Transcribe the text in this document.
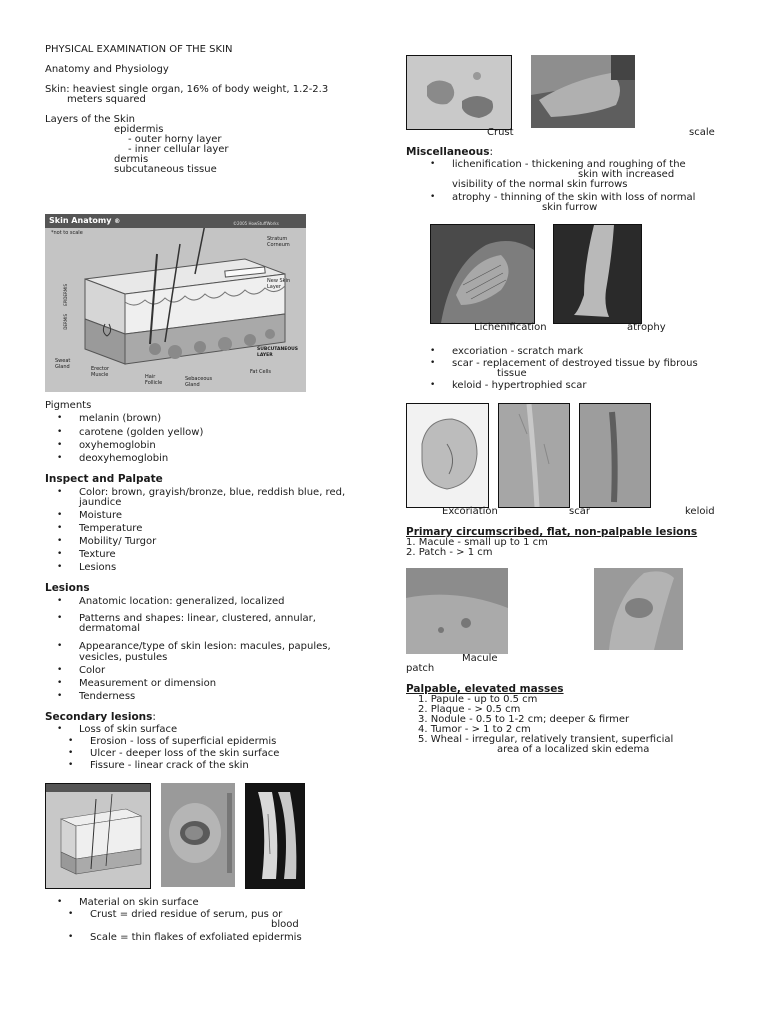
PHYSICAL EXAMINATION OF THE SKIN
Anatomy and Physiology
Skin: heaviest single organ, 16% of body weight, 1.2-2.3
meters squared
Layers of the Skin
epidermis
- outer horny layer
- inner cellular layer
dermis
subcutaneous tissue
Skin Anatomy ®
*not to scale
©2005 HowStuffWorks
Stratum Corneum
New Skin Layer
SUBCUTANEOUS LAYER
Sweat Gland	Erector Muscle	Hair Follicle
Sebaceous Gland
Fat Cells
EPIDERMIS
DERMIS
Pigments
• melanin (brown)
• carotene (golden yellow)
• oxyhemoglobin
• deoxyhemoglobin
Inspect and Palpate
• Color: brown, grayish/bronze, blue, reddish blue, red,
jaundice
• Moisture
• Temperature
• Mobility/ Turgor
• Texture
• Lesions
Lesions
• Anatomic location: generalized, localized
• Patterns and shapes: linear, clustered, annular,
dermatomal
• Appearance/type of skin lesion: macules, papules,
vesicles, pustules
• Color
• Measurement or dimension
• Tenderness
Secondary lesions:
• Loss of skin surface
• Erosion - loss of superficial epidermis
• Ulcer - deeper loss of the skin surface
• Fissure - linear crack of the skin
• Material on skin surface
• Crust = dried residue of serum, pus or
blood
• Scale = thin flakes of exfoliated epidermis
Crust	scale
Miscellaneous:
• lichenification - thickening and roughing of the
skin with increased
visibility of the normal skin furrows
• atrophy - thinning of the skin with loss of normal
skin furrow
Lichenification	atrophy
• excoriation - scratch mark
• scar - replacement of destroyed tissue by fibrous
tissue
• keloid - hypertrophied scar
Excoriation	scar	keloid
Primary circumscribed, flat, non-palpable lesions
1. Macule - small up to 1 cm
2. Patch - > 1 cm
Macule
patch
Palpable, elevated masses
1. Papule - up to 0.5 cm
2. Plaque - > 0.5 cm
3. Nodule - 0.5 to 1-2 cm; deeper & firmer
4. Tumor - > 1 to 2 cm
5. Wheal - irregular, relatively transient, superficial
area of a localized skin edema
